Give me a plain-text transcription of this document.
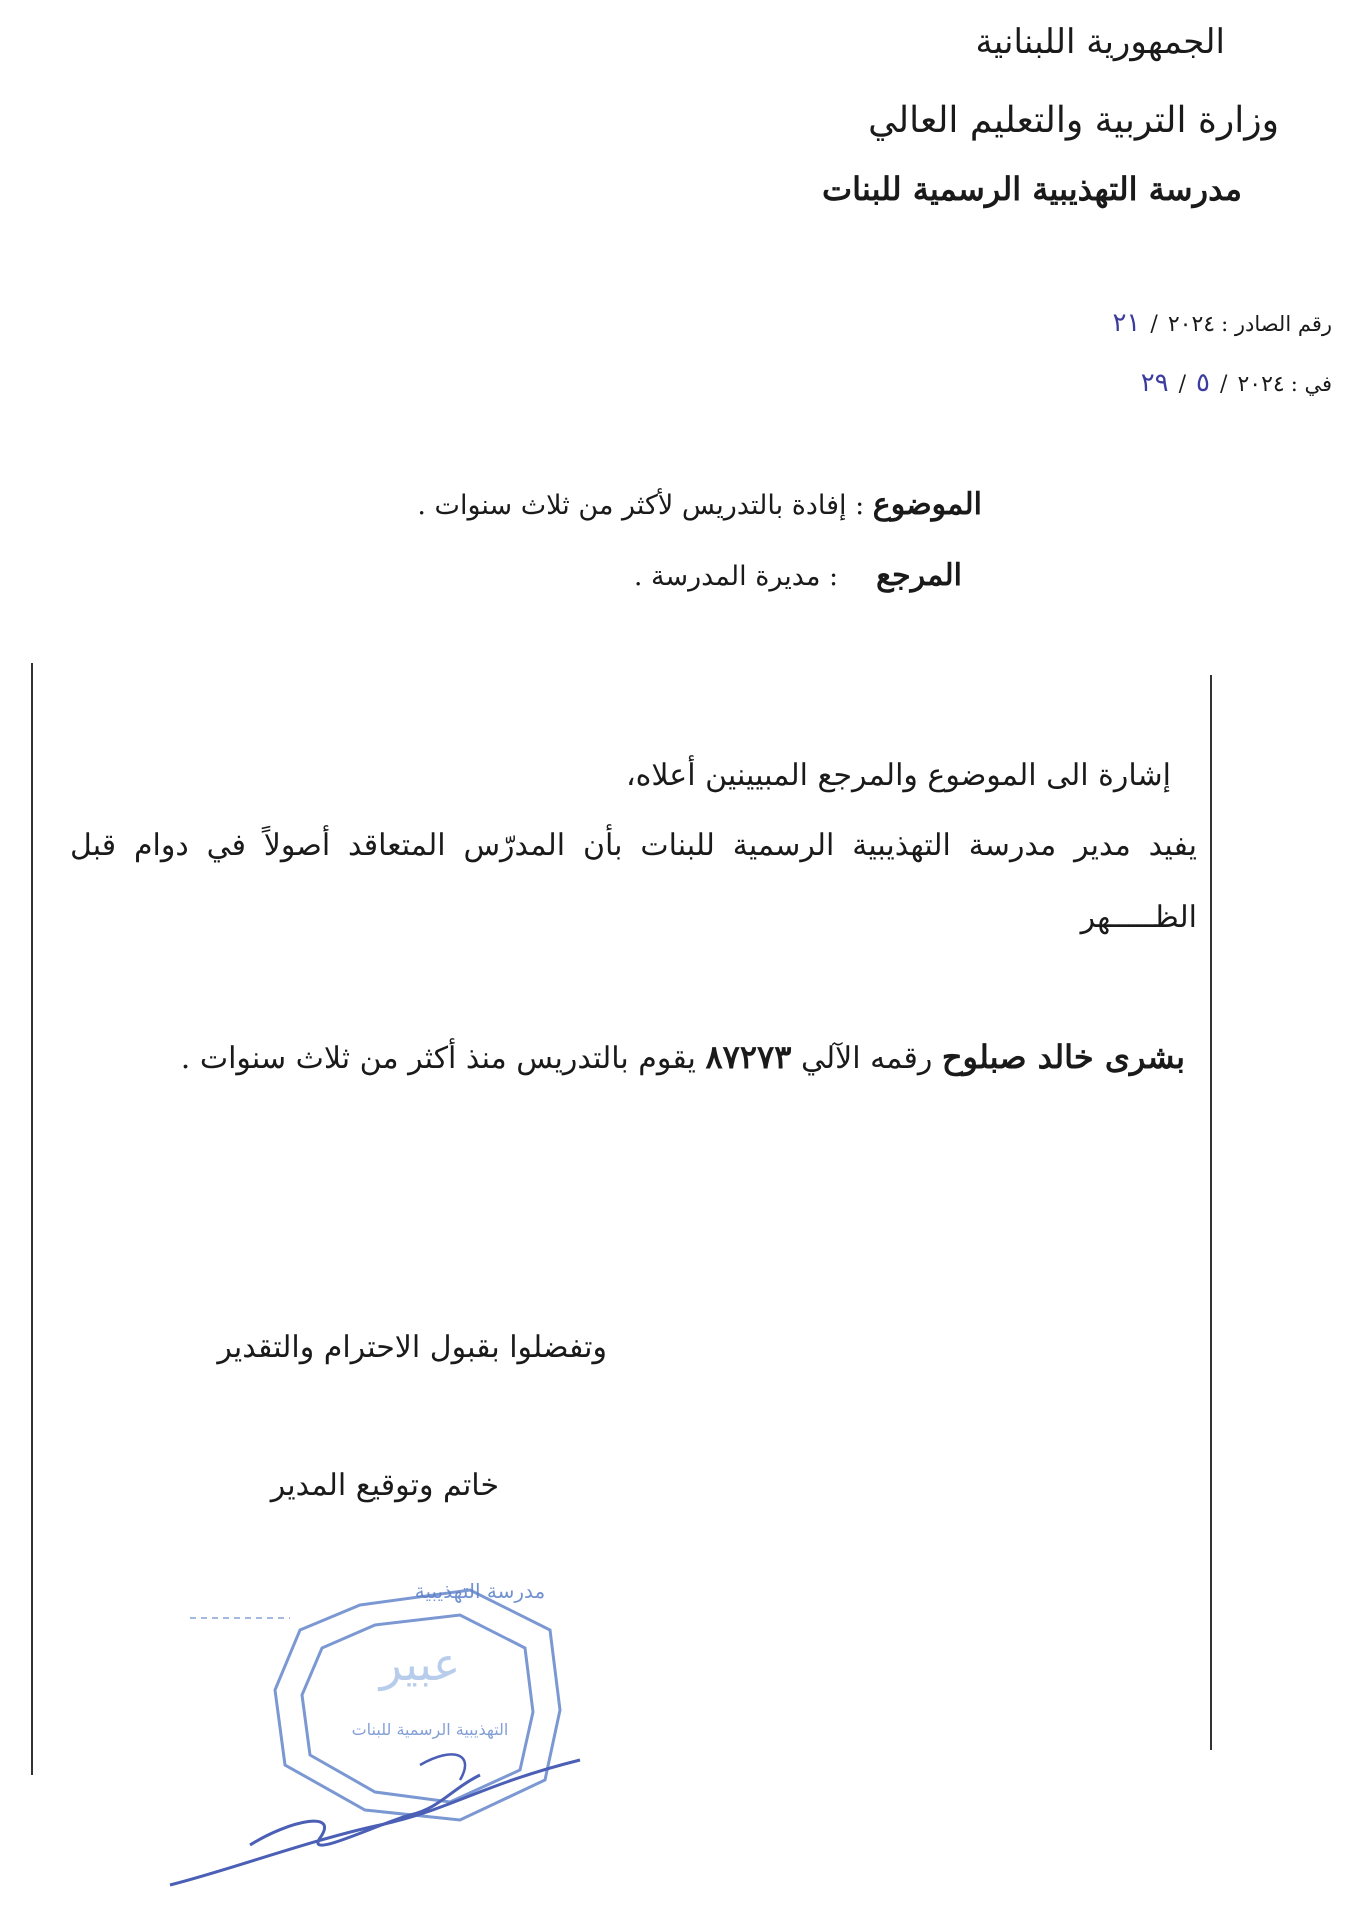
الجمهورية اللبنانية
وزارة التربية والتعليم العالي
مدرسة التهذيبية الرسمية للبنات
رقم الصادر :٢١ / ٢٠٢٤
في :٢٩ / ٥ / ٢٠٢٤
الموضوع : إفادة بالتدريس لأكثر من ثلاث سنوات .
المرجع: مديرة المدرسة .
إشارة الى الموضوع والمرجع المبيينين أعلاه،
يفيد مدير مدرسة التهذيبية الرسمية للبنات بأن المدرّس المتعاقد أصولاً في دوام قبل
الظـــــهر
بشرى خالد صبلوح رقمه الآلي ٨٧٢٧٣ يقوم بالتدريس منذ أكثر من ثلاث سنوات .
وتفضلوا بقبول الاحترام والتقدير
خاتم وتوقيع المدير
مدرسة التهذيبية
عبير
التهذيبية الرسمية للبنات
